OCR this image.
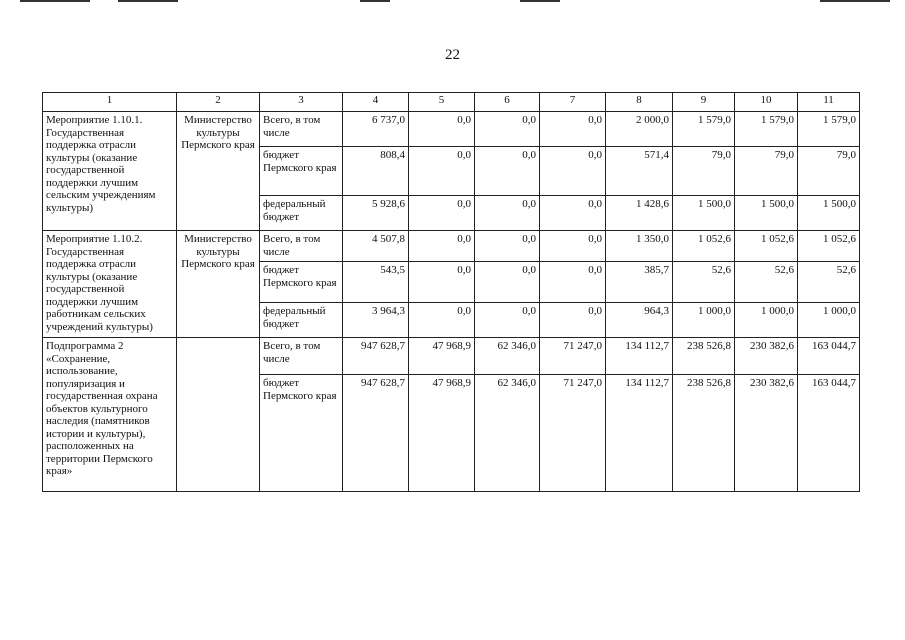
22
1	2	3	4	5	6	7	8	9	10	11
Мероприятие 1.10.1. Государственная поддержка отрасли культуры (оказание государственной поддержки лучшим сельским учреждениям культуры)	Министерство культуры Пермского края	Всего, в том числе	6 737,0	0,0	0,0	0,0	2 000,0	1 579,0	1 579,0	1 579,0
		бюджет Пермского края	808,4	0,0	0,0	0,0	571,4	79,0	79,0	79,0
		федеральный бюджет	5 928,6	0,0	0,0	0,0	1 428,6	1 500,0	1 500,0	1 500,0
Мероприятие 1.10.2. Государственная поддержка отрасли культуры (оказание государственной поддержки лучшим работникам сельских учреждений культуры)	Министерство культуры Пермского края	Всего, в том числе	4 507,8	0,0	0,0	0,0	1 350,0	1 052,6	1 052,6	1 052,6
		бюджет Пермского края	543,5	0,0	0,0	0,0	385,7	52,6	52,6	52,6
		федеральный бюджет	3 964,3	0,0	0,0	0,0	964,3	1 000,0	1 000,0	1 000,0
Подпрограмма 2 «Сохранение, использование, популяризация и государственная охрана объектов культурного наследия (памятников истории и культуры), расположенных на территории Пермского края»		Всего, в том числе	947 628,7	47 968,9	62 346,0	71 247,0	134 112,7	238 526,8	230 382,6	163 044,7
		бюджет Пермского края	947 628,7	47 968,9	62 346,0	71 247,0	134 112,7	238 526,8	230 382,6	163 044,7
